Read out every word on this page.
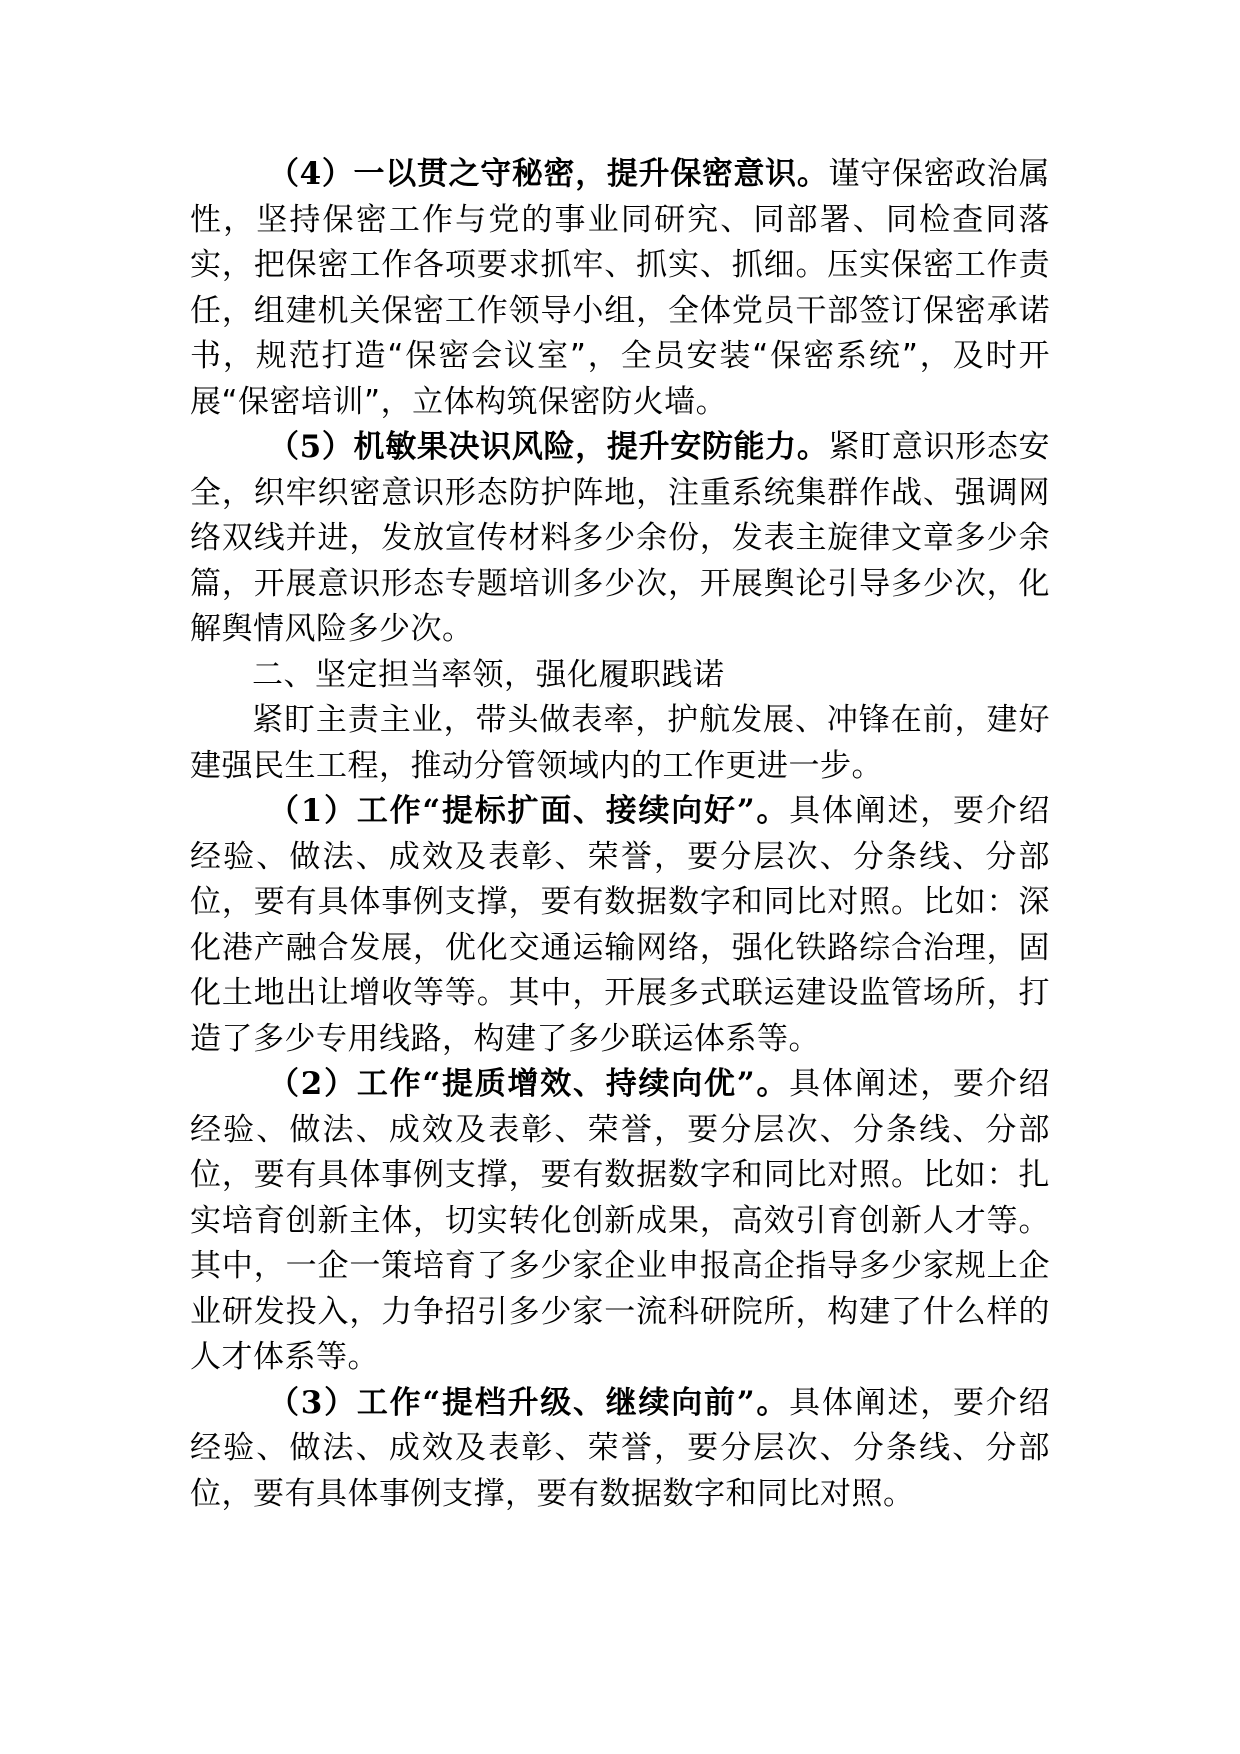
（4）一以贯之守秘密，提升保密意识。谨守保密政治属性，坚持保密工作与党的事业同研究、同部署、同检查同落实，把保密工作各项要求抓牢、抓实、抓细。压实保密工作责任，组建机关保密工作领导小组，全体党员干部签订保密承诺书，规范打造“保密会议室”，全员安装“保密系统”，及时开展“保密培训”，立体构筑保密防火墙。

（5）机敏果决识风险，提升安防能力。紧盯意识形态安全，织牢织密意识形态防护阵地，注重系统集群作战、强调网络双线并进，发放宣传材料多少余份，发表主旋律文章多少余篇，开展意识形态专题培训多少次，开展舆论引导多少次，化解舆情风险多少次。

二、坚定担当率领，强化履职践诺

紧盯主责主业，带头做表率，护航发展、冲锋在前，建好建强民生工程，推动分管领域内的工作更进一步。

（1）工作“提标扩面、接续向好”。具体阐述，要介绍经验、做法、成效及表彰、荣誉，要分层次、分条线、分部位，要有具体事例支撑，要有数据数字和同比对照。比如：深化港产融合发展，优化交通运输网络，强化铁路综合治理，固化土地出让增收等等。其中，开展多式联运建设监管场所，打造了多少专用线路，构建了多少联运体系等。

（2）工作“提质增效、持续向优”。具体阐述，要介绍经验、做法、成效及表彰、荣誉，要分层次、分条线、分部位，要有具体事例支撑，要有数据数字和同比对照。比如：扎实培育创新主体，切实转化创新成果，高效引育创新人才等。其中，一企一策培育了多少家企业申报高企指导多少家规上企业研发投入，力争招引多少家一流科研院所，构建了什么样的人才体系等。

（3）工作“提档升级、继续向前”。具体阐述，要介绍经验、做法、成效及表彰、荣誉，要分层次、分条线、分部位，要有具体事例支撑，要有数据数字和同比对照。
